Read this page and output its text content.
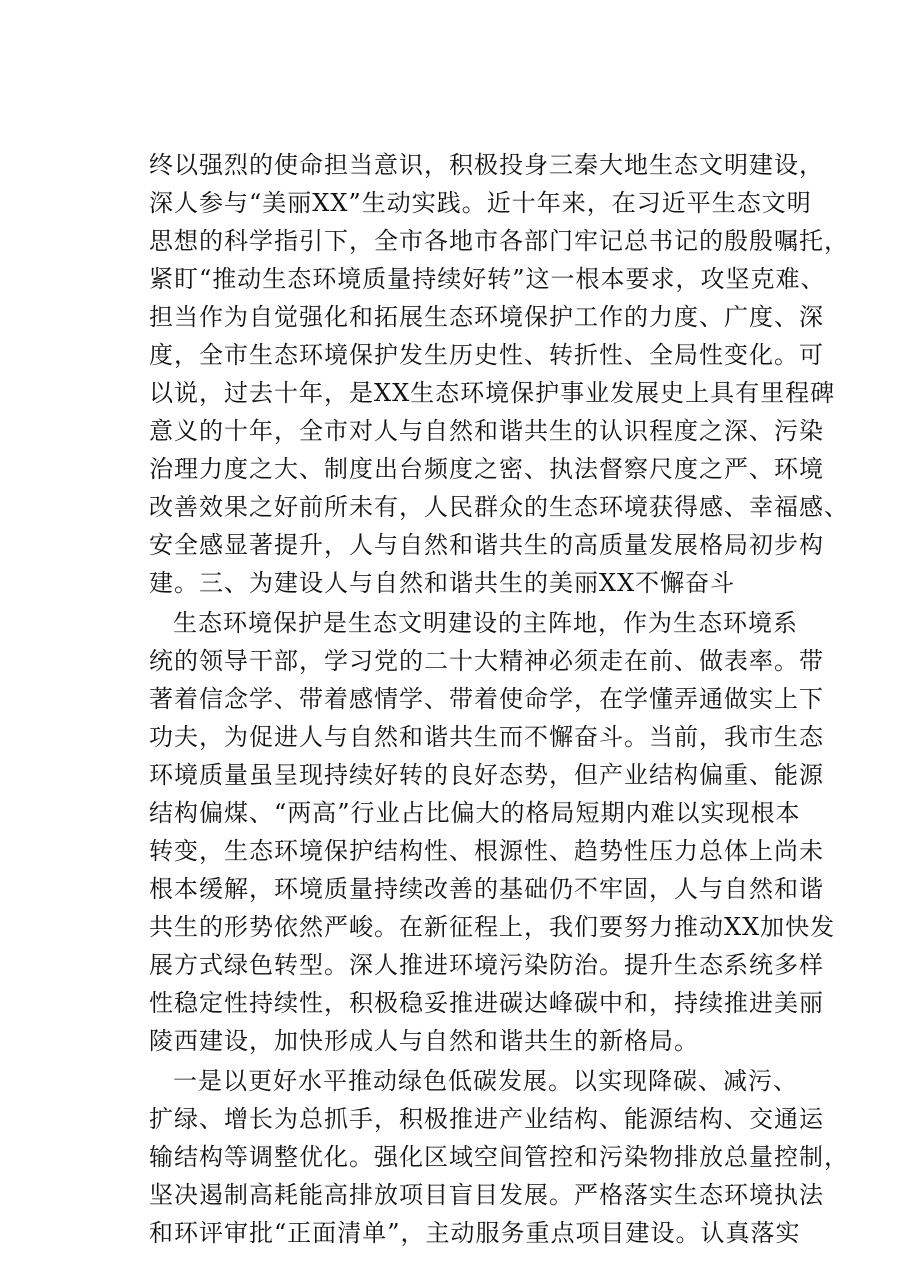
终以强烈的使命担当意识，积极投身三秦大地生态文明建设，
深人参与“美丽XX”生动实践。近十年来，在习近平生态文明
思想的科学指引下，全市各地市各部门牢记总书记的殷殷嘱托，
紧盯“推动生态环境质量持续好转”这一根本要求，攻坚克难、
担当作为自觉强化和拓展生态环境保护工作的力度、广度、深
度，全市生态环境保护发生历史性、转折性、全局性变化。可
以说，过去十年，是XX生态环境保护事业发展史上具有里程碑
意义的十年，全市对人与自然和谐共生的认识程度之深、污染
治理力度之大、制度出台频度之密、执法督察尺度之严、环境
改善效果之好前所未有，人民群众的生态环境获得感、幸福感、
安全感显著提升，人与自然和谐共生的高质量发展格局初步构
建。三、为建设人与自然和谐共生的美丽XX不懈奋斗
生态环境保护是生态文明建设的主阵地，作为生态环境系
统的领导干部，学习党的二十大精神必须走在前、做表率。带
著着信念学、带着感情学、带着使命学，在学懂弄通做实上下
功夫，为促进人与自然和谐共生而不懈奋斗。当前，我市生态
环境质量虽呈现持续好转的良好态势，但产业结构偏重、能源
结构偏煤、“两高”行业占比偏大的格局短期内难以实现根本
转变，生态环境保护结构性、根源性、趋势性压力总体上尚未
根本缓解，环境质量持续改善的基础仍不牢固，人与自然和谐
共生的形势依然严峻。在新征程上，我们要努力推动XX加快发
展方式绿色转型。深人推进环境污染防治。提升生态系统多样
性稳定性持续性，积极稳妥推进碳达峰碳中和，持续推进美丽
陵西建设，加快形成人与自然和谐共生的新格局。
一是以更好水平推动绿色低碳发展。以实现降碳、减污、
扩绿、增长为总抓手，积极推进产业结构、能源结构、交通运
输结构等调整优化。强化区域空间管控和污染物排放总量控制，
坚决遏制高耗能高排放项目盲目发展。严格落实生态环境执法
和环评审批“正面清单”，主动服务重点项目建设。认真落实
